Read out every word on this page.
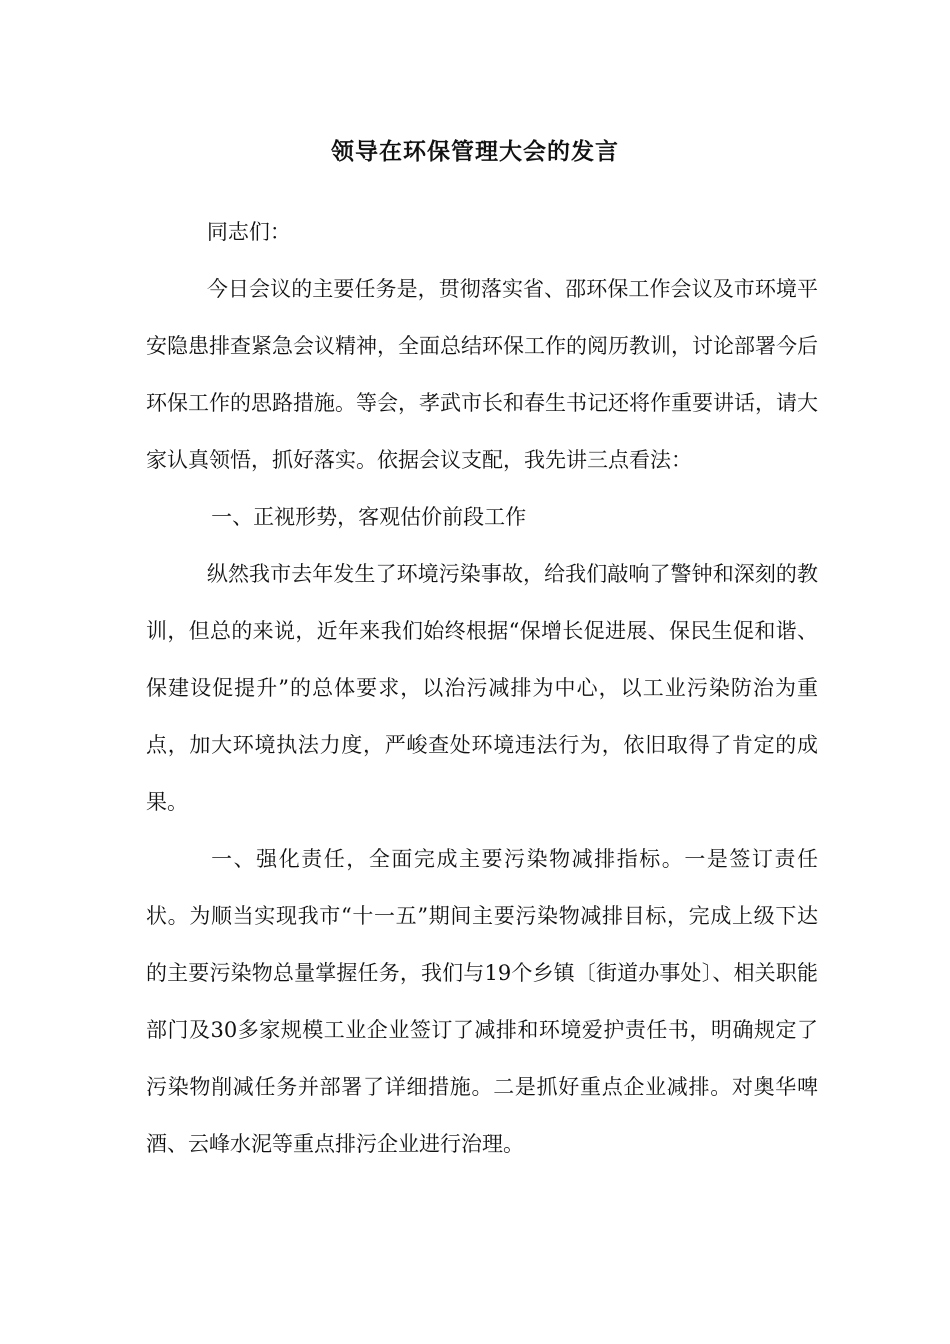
领导在环保管理大会的发言

同志们：

今日会议的主要任务是，贯彻落实省、邵环保工作会议及市环境平安隐患排查紧急会议精神，全面总结环保工作的阅历教训，讨论部署今后环保工作的思路措施。等会，孝武市长和春生书记还将作重要讲话，请大家认真领悟，抓好落实。依据会议支配，我先讲三点看法：

一、正视形势，客观估价前段工作

纵然我市去年发生了环境污染事故，给我们敲响了警钟和深刻的教训，但总的来说，近年来我们始终根据“保增长促进展、保民生促和谐、保建设促提升”的总体要求，以治污减排为中心，以工业污染防治为重点，加大环境执法力度，严峻查处环境违法行为，依旧取得了肯定的成果。

一、强化责任，全面完成主要污染物减排指标。一是签订责任状。为顺当实现我市“十一五”期间主要污染物减排目标，完成上级下达的主要污染物总量掌握任务，我们与19个乡镇〔街道办事处〕、相关职能部门及30多家规模工业企业签订了减排和环境爱护责任书，明确规定了污染物削减任务并部署了详细措施。二是抓好重点企业减排。对奥华啤酒、云峰水泥等重点排污企业进行治理。
